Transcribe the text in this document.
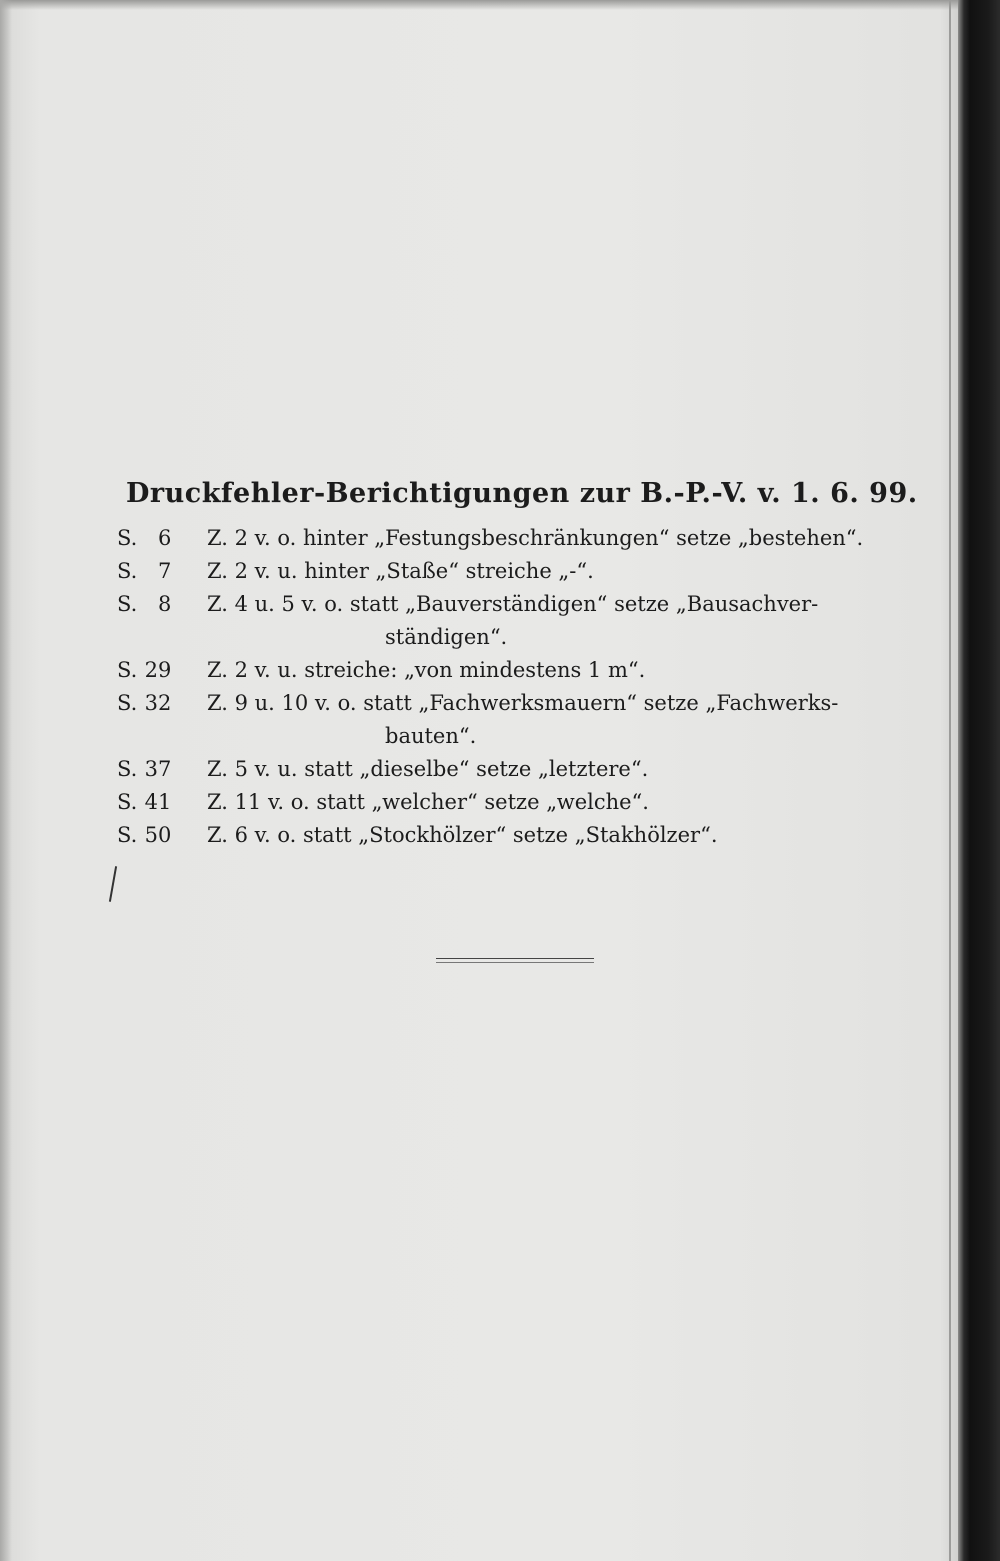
Druckfehler-Berichtigungen zur B.-P.-V. v. 1. 6. 99.
S. 6	Z. 2 v. o. hinter „Festungsbeschränkungen“ setze „bestehen“.
S. 7	Z. 2 v. u. hinter „Staße“ streiche „-“.
S. 8	Z. 4 u. 5 v. o. statt „Bauverständigen“ setze „Bausachver-
ständigen“.
S. 29	Z. 2 v. u. streiche: „von mindestens 1 m“.
S. 32	Z. 9 u. 10 v. o. statt „Fachwerksmauern“ setze „Fachwerks-
bauten“.
S. 37	Z. 5 v. u. statt „dieselbe“ setze „letztere“.
S. 41	Z. 11 v. o. statt „welcher“ setze „welche“.
S. 50	Z. 6 v. o. statt „Stockhölzer“ setze „Stakhölzer“.
